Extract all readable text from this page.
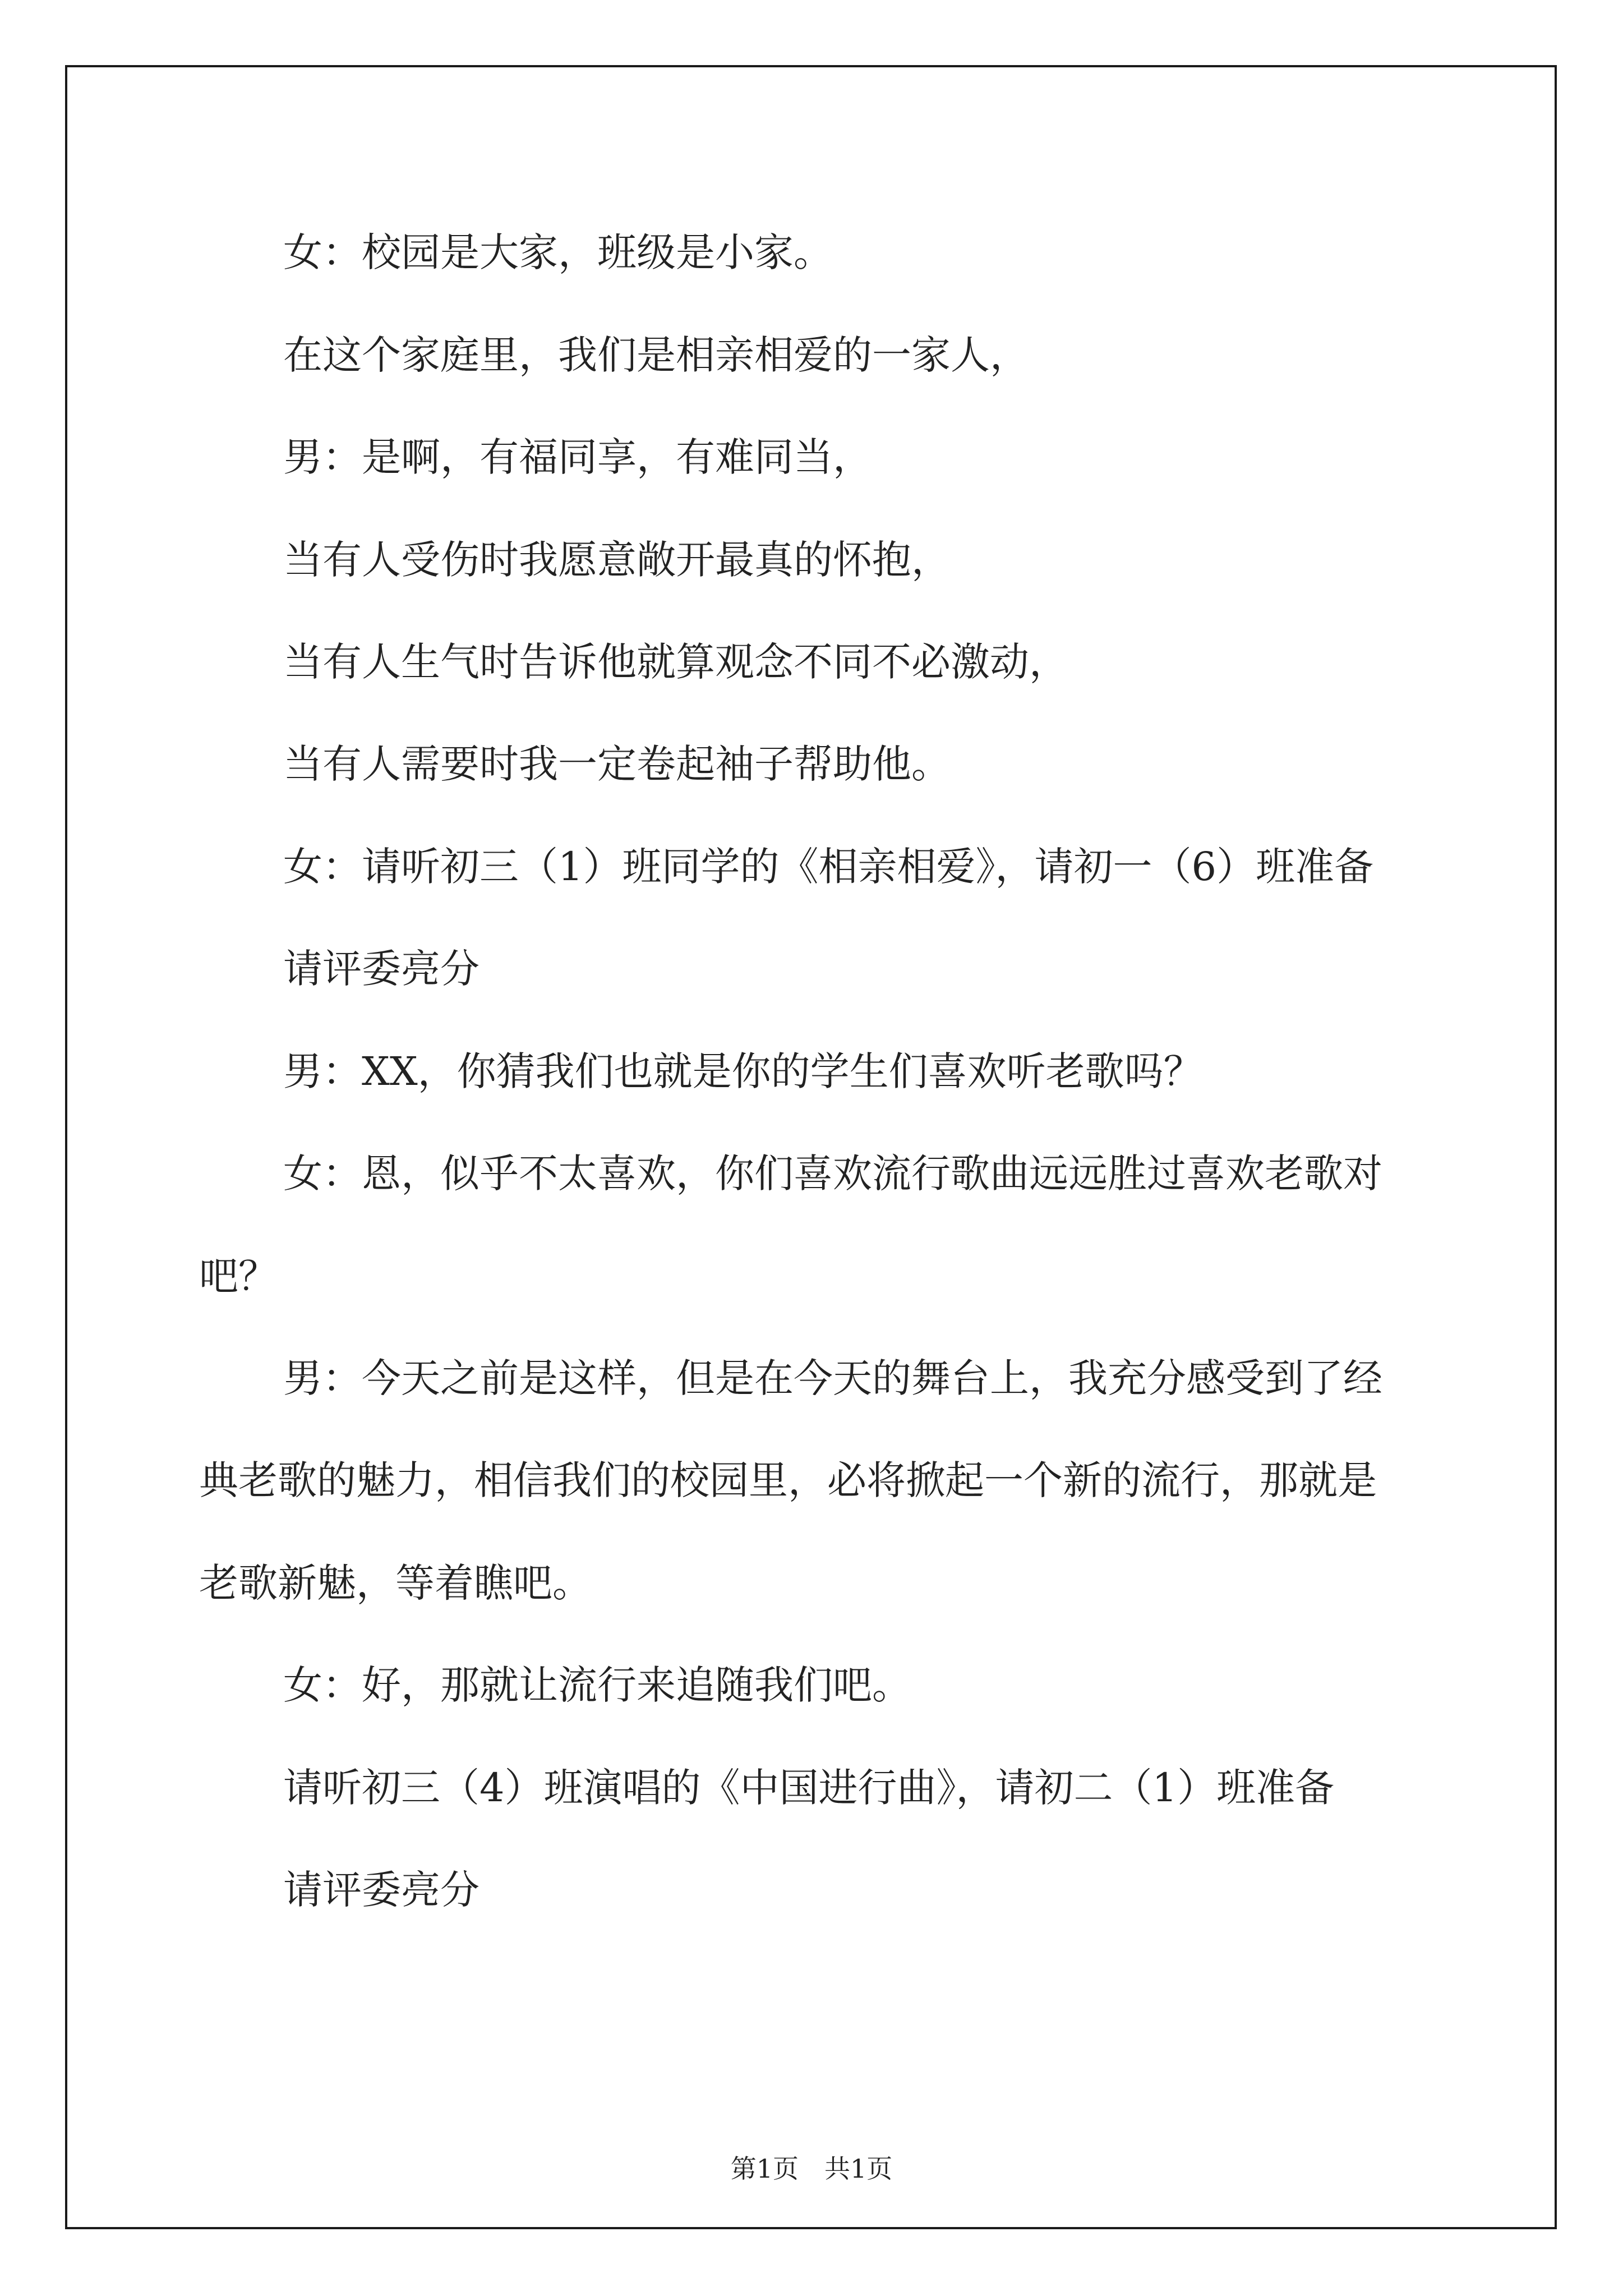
女：校园是大家，班级是小家。
在这个家庭里，我们是相亲相爱的一家人，
男：是啊，有福同享，有难同当，
当有人受伤时我愿意敞开最真的怀抱，
当有人生气时告诉他就算观念不同不必激动，
当有人需要时我一定卷起袖子帮助他。
女：请听初三（1）班同学的《相亲相爱》，请初一（6）班准备
请评委亮分
男：XX，你猜我们也就是你的学生们喜欢听老歌吗？
女：恩，似乎不太喜欢，你们喜欢流行歌曲远远胜过喜欢老歌对
吧？
男：今天之前是这样，但是在今天的舞台上，我充分感受到了经
典老歌的魅力，相信我们的校园里，必将掀起一个新的流行，那就是
老歌新魅，等着瞧吧。
女：好，那就让流行来追随我们吧。
请听初三（4）班演唱的《中国进行曲》，请初二（1）班准备
请评委亮分
第1页　共1页
